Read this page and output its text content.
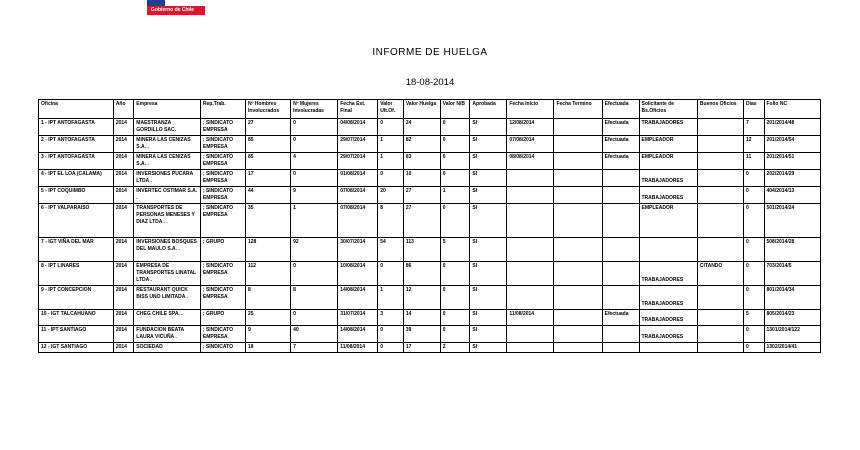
Gobierno de Chile
INFORME DE HUELGA
18-08-2014
Oficina	Año	Empresa	Rep.Trab.	Nº Hombres Involucrados	Nº Mujeres Involucradas	Fecha Est. Final	Valor Ult.Of.	Valor Huelga	Valor N/B	Aprobada	Fecha Inicio	Fecha Termino	Efectuada	Solicitante de Bs.Oficios	Buenos Oficios	Días	Folio NC
1 - IPT ANTOFAGASTA	2014	MAESTRANZA GORDILLO SAC.	; SINDICATO EMPRESA	27	0	04/08/2014	0	24	0	SI	12/08/2014		Efectuada	TRABAJADORES		7	201/2014/48
2 - IPT ANTOFAGASTA	2014	MINERA LAS CENIZAS S.A. .	; SINDICATO EMPRESA	85	0	29/07/2014	1	82	0	SI	07/08/2014		Efectuada	EMPLEADOR		12	201/2014/54
3 - IPT ANTOFAGASTA	2014	MINERA LAS CENIZAS S.A. .	; SINDICATO EMPRESA	85	4	29/07/2014	1	83	0	SI	08/08/2014		Efectuada	EMPLEADOR		11	201/2014/51
4 - IPT EL LOA (CALAMA)	2014	INVERSIONES PUCARA LTDA .	; SINDICATO EMPRESA	17	0	01/08/2014	0	10	0	SI				TRABAJADORES		0	202/2014/29
5 - IPT COQUIMBO	2014	INVERTEC OSTIMAR S.A. .	; SINDICATO EMPRESA	44	9	07/08/2014	20	27	1	SI				TRABAJADORES		0	404/2014/13
6 - IPT VALPARAISO	2014	TRANSPORTES DE PERSONAS MENESES Y DIAZ LTDA . .	; SINDICATO EMPRESA	35	1	07/08/2014	8	27	0	SI				EMPLEADOR		0	501/2014/24
7 - IGT VIÑA DEL MAR	2014	INVERSIONES BOSQUES DEL MAULO S.A. .	; GRUPO	128	92	30/07/2014	54	113	5	SI						0	508/2014/28
8 - IPT LINARES	2014	EMPRESA DE TRANSPORTES LINATAL LTDA .	; SINDICATO EMPRESA	112	0	10/08/2014	0	86	0	SI				TRABAJADORES	CITANDO	0	703/2014/5
9 - IPT CONCEPCION	2014	RESTAURANT QUICK BISS UNO LIMITADA .	; SINDICATO EMPRESA	8	8	14/08/2014	1	12	0	SI				TRABAJADORES		0	801/2014/34
10 - IGT TALCAHUANO	2014	CHEG CHILE SPA. .	; GRUPO	25	0	31/07/2014	3	14	0	SI	11/08/2014		Efectuada	TRABAJADORES		5	805/2014/23
11 - IPT SANTIAGO	2014	FUNDACION BEATA LAURA VICUÑA .	; SINDICATO EMPRESA	9	40	14/08/2014	0	39	0	SI				TRABAJADORES		0	1301/2014/122
12 - IGT SANTIAGO	2014	SOCIEDAD	; SINDICATO	18	7	11/08/2014	0	17	2	SI						0	1302/2014/41
